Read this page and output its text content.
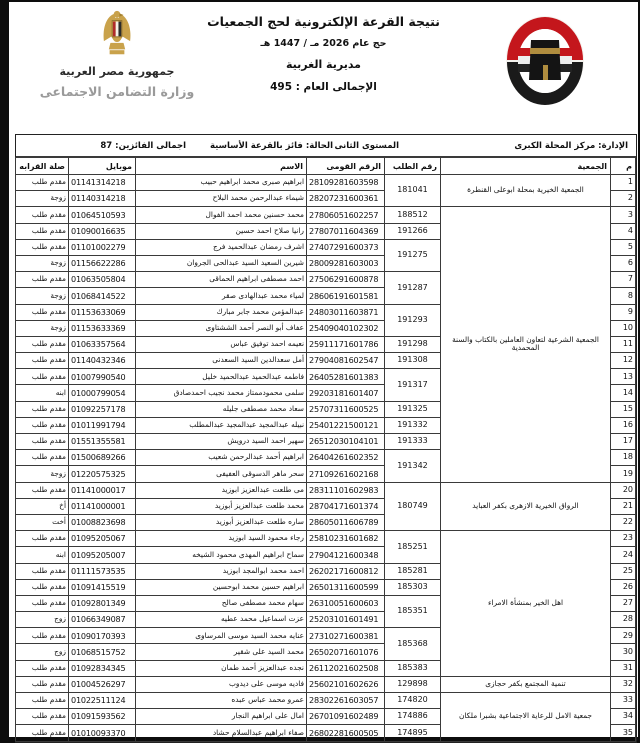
جمهورية مصر العربية
وزارة التضامن الاجتماعى
نتيجة القرعة الإلكترونية لحج الجمعيات
حج عام 2026 مـ / 1447 هـ
مديرية الغربية
الإجمالى العام : 495
الإدارة: مركز المحلة الكبرى
المستوى الثانى
الحالة: فائز بالقرعة الأساسية
اجمالى الفائزين: 87
م	الجمعية	رقم الطلب	الرقم القومى	الاسم	موبايل	صلة القرابه
1	الجمعية الخيرية بمحلة ابوعلى القنطرة	181041	28109281603598	ابراهيم صبرى محمد ابراهيم حبيب	01141314218	مقدم طلب
2			28207231600361	شيماء عبدالرحمن محمد البلاح	01140314218	زوجة
3	الجمعية الشرعية لتعاون العاملين بالكتاب والسنة المحمدية	188512	27806051602257	محمد حسنين محمد احمد الفوال	01064510593	مقدم طلب
4		191266	27807011604369	رانيا صلاح احمد حسين	01090016635	مقدم طلب
5		191275	27407291600373	اشرف رمضان عبدالحميد فرج	01101002279	مقدم طلب
6			28009281603003	شيرين السعيد السيد عبدالحى الجروان	01156622286	زوجة
7		191287	27506291600878	احمد مصطفى ابراهيم الحماقى	01063505804	مقدم طلب
8			28606191601581	لمياء محمد عبدالهادى صقر	01068414522	زوجة
9		191293	24803011603871	عبدالمؤمن محمد جابر مبارك	01153633069	مقدم طلب
10			25409040102302	عفاف أبو النصر أحمد الششتاوى	01153633369	زوجة
11		191298	25911171601786	نعيمه احمد توفيق عباس	01063357564	مقدم طلب
12		191308	27904081602547	أمل سعدالدين السيد السعدنى	01140432346	مقدم طلب
13		191317	26405281601383	فاطمه عبدالحميد عبدالحميد خليل	01007990540	مقدم طلب
14			29203181601407	سلمى محمودممتاز محمد نجيب احمدصادق	01000799054	ابنه
15		191325	25707311600525	سعاد محمد مصطفى جليله	01092257178	مقدم طلب
16		191332	25401221500121	نبيله عبدالمجيد عبدالمجيد عبدالمطلب	01011991794	مقدم طلب
17		191333	26512030104101	سهير احمد السيد درويش	01551355581	مقدم طلب
18		191342	26404261602352	ابراهيم أحمد عبدالرحمن شعيب	01500689266	مقدم طلب
19			27109261602168	سحر ماهر الدسوقى العفيفى	01220575325	زوجة
20	الرواق الخيرية الازهرى بكفر العبايد	180749	28311101602983	مى طلعت عبدالعزيز ابوزيد	01141000017	مقدم طلب
21			28704171601374	محمد طلعت عبدالعزيز أبوزيد	01141000001	أخ
22			28605011606789	ساره طلعت عبدالعزيز أبوزيد	01008823698	أخت
23	اهل الخير بمنشأة الامراء	185251	25810231601682	رجاء محمود السيد ابوزيد	01095205067	مقدم طلب
24			27904121600348	سماح ابراهيم المهدى محمود الشيخه	01095205007	ابنه
25		185281	26202171600812	احمد محمد ابوالمجد ابوزيد	01111573535	مقدم طلب
26		185303	26501311600599	ابراهيم حسين محمد ابوحسين	01091415519	مقدم طلب
27		185351	26310051600603	سهام محمد مصطفى صالح	01092801349	مقدم طلب
28			25203101601491	عزت اسماعيل محمد عطيه	01066349087	زوج
29		185368	27310271600381	عنايه محمد السيد موسى المرساوى	01090170393	مقدم طلب
30			26502071601076	محمد السيد على شقير	01068515752	زوج
31		185383	26112021602508	نجده عبدالعزيز أحمد طمان	01092834345	مقدم طلب
32	تنمية المجتمع بكفر حجازى	129898	25602101602626	فاديه موسى على ديدوب	01004526297	مقدم طلب
33	جمعية الامل للرعاية الاجتماعية بشبرا ملكان	174820	28302261603057	عمرو محمد عباس عبده	01022511124	مقدم طلب
34		174886	26701091602489	امال على ابراهيم النجار	01091593562	مقدم طلب
35		174895	26802281600505	صفاء ابراهيم عبدالسلام حشاد	01010093370	مقدم طلب
